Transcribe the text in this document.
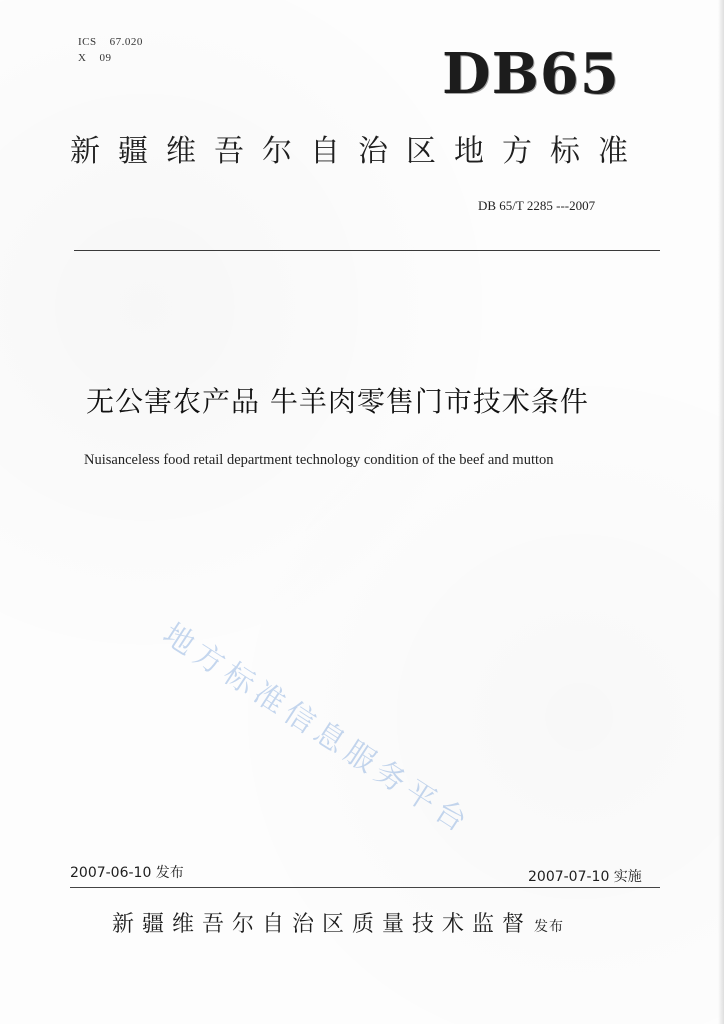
ICS    67.020
X    09	DB65
新疆维吾尔自治区地方标准
DB 65/T 2285 ---2007
无公害农产品 牛羊肉零售门市技术条件
Nuisanceless food retail department technology condition of the beef and mutton
地方标准信息服务平台
2007-06-10 发布	2007-07-10 实施
新疆维吾尔自治区质量技术监督 发布
